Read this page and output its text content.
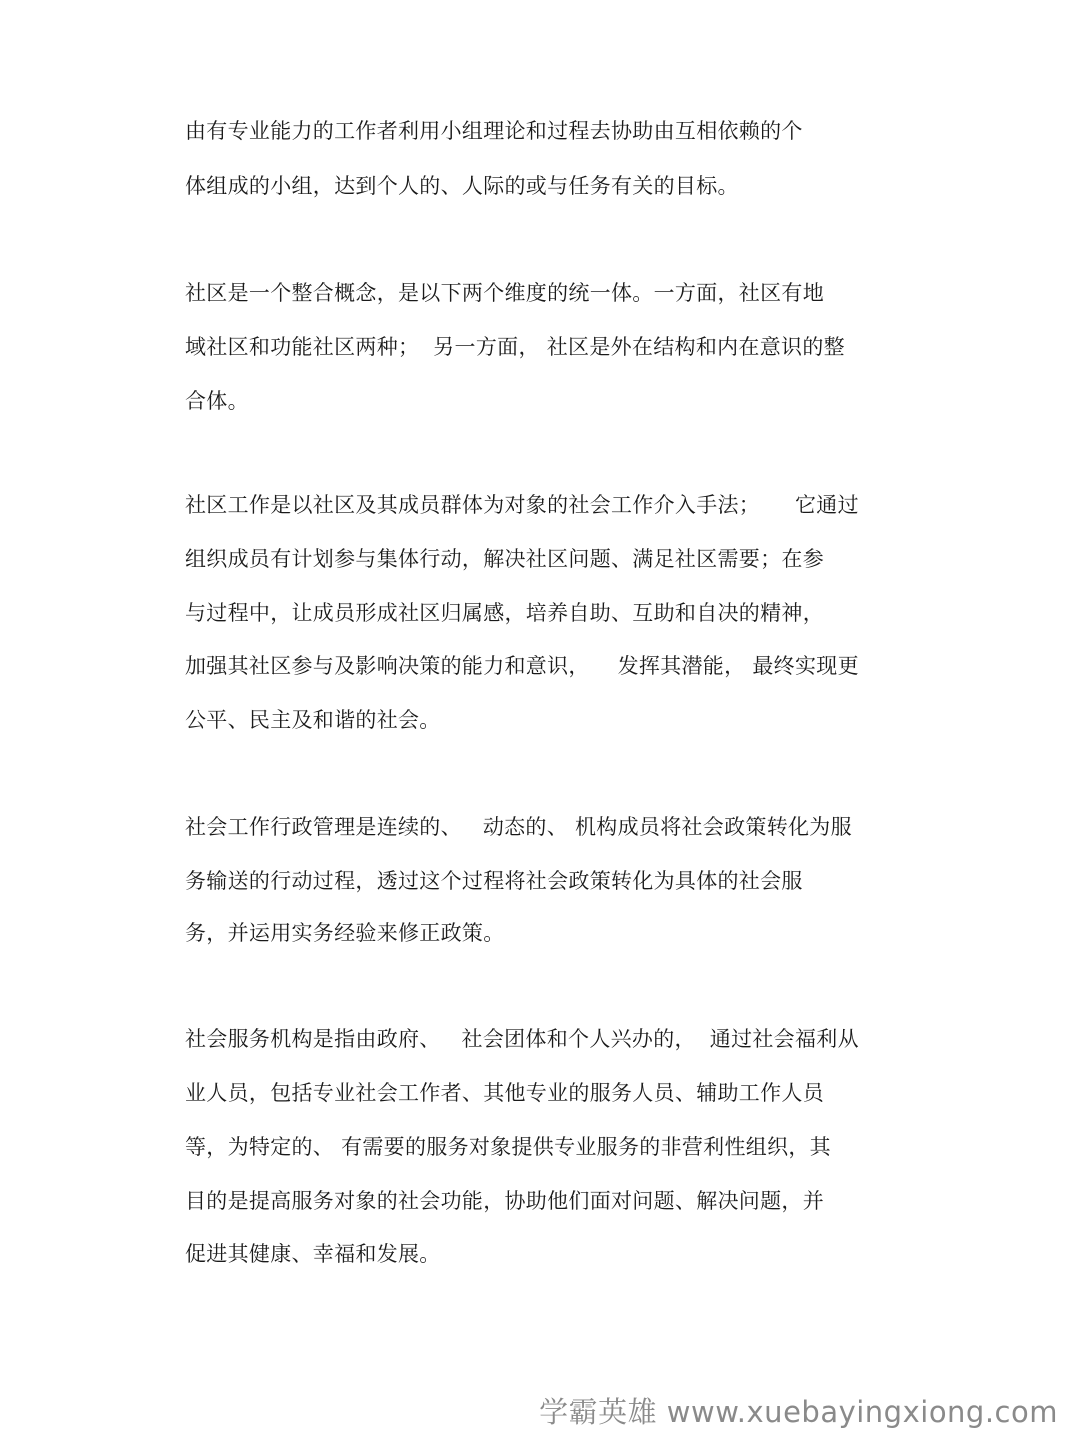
由有专业能力的工作者利用小组理论和过程去协助由互相依赖的个
体组成的小组，达到个人的、人际的或与任务有关的目标。
社区是一个整合概念，是以下两个维度的统一体。一方面，社区有地
域社区和功能社区两种；  另一方面， 社区是外在结构和内在意识的整
合体。
社区工作是以社区及其成员群体为对象的社会工作介入手法；     它通过
组织成员有计划参与集体行动，解决社区问题、满足社区需要；在参
与过程中，让成员形成社区归属感，培养自助、互助和自决的精神，
加强其社区参与及影响决策的能力和意识，    发挥其潜能， 最终实现更
公平、民主及和谐的社会。
社会工作行政管理是连续的、   动态的、 机构成员将社会政策转化为服
务输送的行动过程，透过这个过程将社会政策转化为具体的社会服
务，并运用实务经验来修正政策。
社会服务机构是指由政府、   社会团体和个人兴办的，  通过社会福利从
业人员，包括专业社会工作者、其他专业的服务人员、辅助工作人员
等，为特定的、 有需要的服务对象提供专业服务的非营利性组织，其
目的是提高服务对象的社会功能，协助他们面对问题、解决问题，并
促进其健康、幸福和发展。
学霸英雄 www.xuebayingxiong.com
